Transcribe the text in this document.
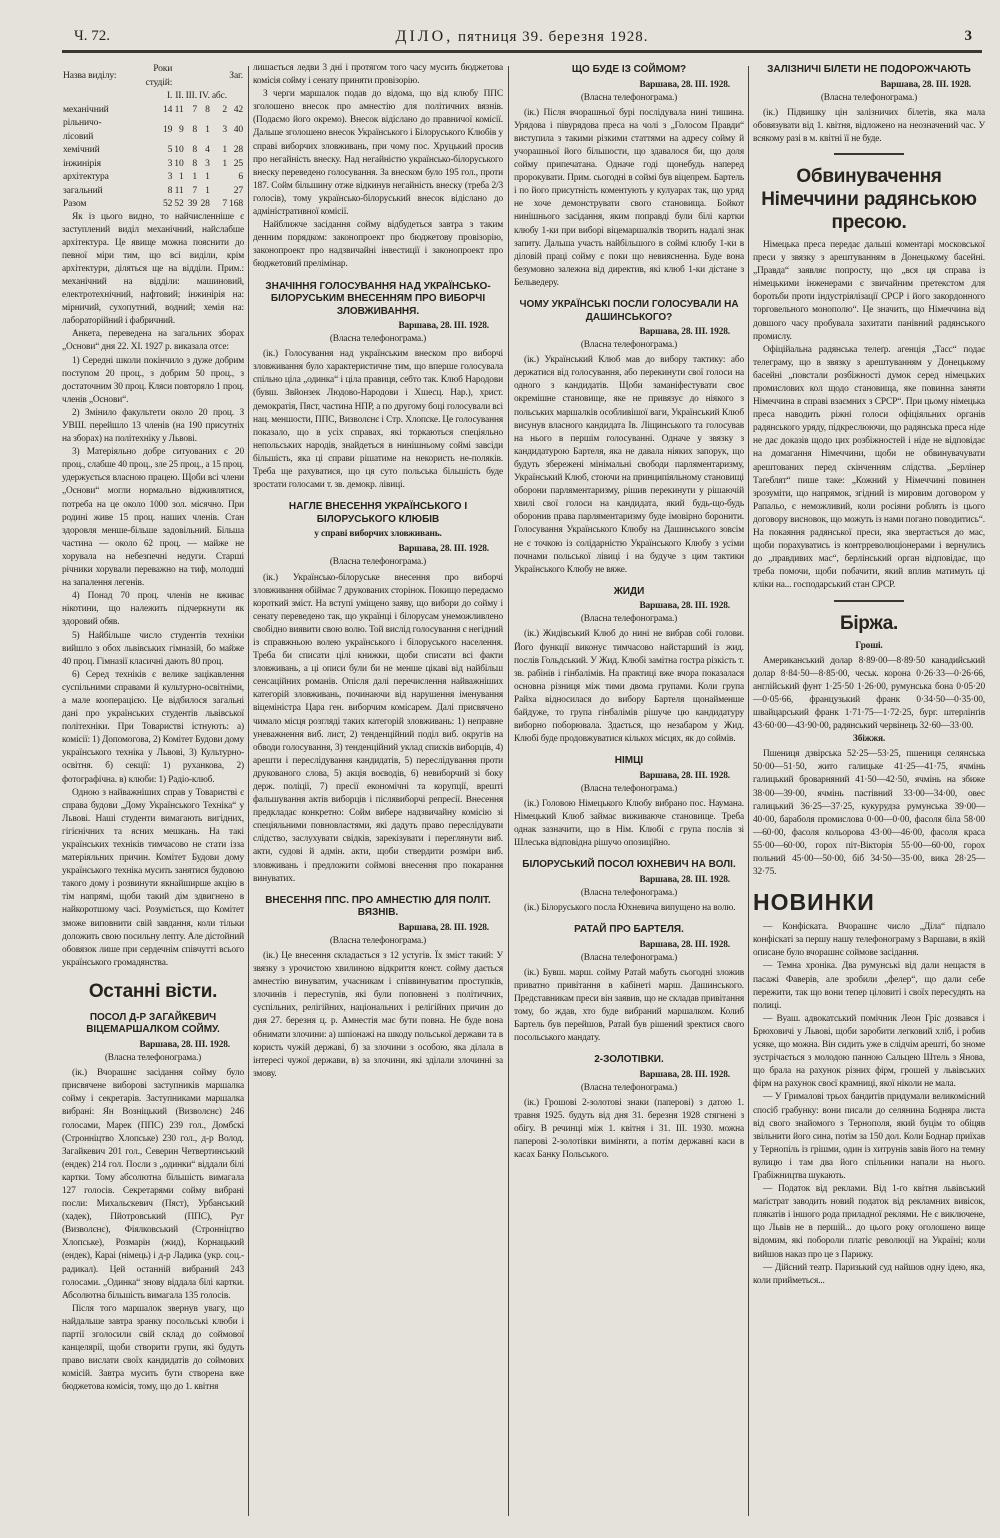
Ч. 72.	ДІЛО, пятниця 39. березня 1928.	3
Назва виділу:	Роки студій:					Заг.
	I.	II.	III.	IV.	абс.	
механічний	14	11	7	8	2	42
рільничо-лісовий	19	9	8	1	3	40
хемічний	5	10	8	4	1	28
інжинірія	3	10	8	3	1	25
архітектура	3	1	1	1		6
загальний	8	11	7	1		27
Разом	52	52	39	28	7	168

Як із цього видно, то найчисленніше є заступлений виділ механічний, найслабше архітектура. Це явище можна пояснити до певної міри тим, що всі виділи, крім архітектури, діляться ще на відділи. Прим.: механічний на відділи: машиновий, електротехнічний, нафтовий; інжинірія на: мірничий, сухопутний, водний; хемія на: лабораторійний і фабричний.

Анкета, переведена на загальних зборах „Основи“ дня 22. XI. 1927 р. виказала отсе:

1) Середні школи покінчило з дуже добрим поступом 20 проц., з добрим 50 проц., з достаточним 30 проц. Кляси повторяло 1 проц. членів „Основи“.

2) Змінило факультети около 20 проц. З УВШ. перейшло 13 членів (на 190 присутніх на зборах) на політехніку у Львові.

3) Матеріяльно добре ситуованих є 20 проц., слабше 40 проц., зле 25 проц., а 15 проц. удержується власною працею. Щоби всі члени „Основи“ могли нормально відживлятися, потреба на це около 1000 зол. місячно. При родині живе 15 проц. наших членів. Стан здоровля менше-більше задовільний. Більша частина — около 62 проц. — майже не хорувала на небезпечні недуги. Старші річники хорували переважно на тиф, молодші на запалення легенів.

4) Понад 70 проц. членів не вживає нікотини, що належить підчеркнути як здоровий обяв.

5) Найбільше число студентів техніки вийшло з обох львівських гімназій, бо майже 40 проц. Гімназії класичні дають 80 проц.

6) Серед техніків є велике зацікавлення суспільними справами й культурно-освітніми, а мале кооперацією. Це відбилося загальні дані про українських студентів львівської політехніки. При Товаристві істнують: а) комісії: 1) Допомогова, 2) Комітет Будови дому українського техніка у Львові, 3) Культурно-освітня. б) секції: 1) руханкова, 2) фотографічна. в) клюби: 1) Радіо-клюб.

Одною з найважніших справ у Товаристві є справа будови „Дому Українського Техніка“ у Львові. Наші студенти вимагають вигідних, гігієнічних та ясних мешкань. На такі українських техніків тимчасово не стати ізза матеріяльних причин. Комітет Будови дому українського техніка мусить занятися будовою такого дому і розвинути якнайширше акцію в тім напрямі, щоби такий дім здвигнено в найкоротшому часі. Розуміється, що Комітет зможе виповнити свій завдання, коли тільки доложить свою посильну лепту. Але дістойний обовязок лише при сердечнім співчутті всього українського громадянства.

Останні вісти.
ПОСОЛ Д-Р ЗАГАЙКЕВИЧ ВІЦЕМАРШАЛКОМ СОЙМУ.
Варшава, 28. III. 1928.
(Власна телефонограма.)

(ік.) Вчорашнє засідання сойму було присвячене виборові заступників маршалка сойму і секретарів. Заступниками маршалка вибрані: Ян Возніцький (Визволєнє) 246 голосами, Марек (ППС) 239 гол., Домбскі (Стронніцтво Хлопське) 230 гол., д-р Волод. Загайкевич 201 гол., Северин Четвертинський (ендек) 214 гол. Посли з „одинки“ віддали білі картки. Тому абсолютна більшість вимагала 127 голосів. Секретарями сойму вибрані посли: Михальскевич (Пяст), Урбанський (хадек), Пйотровський (ППС), Руг (Визволєнє), Фіялковський (Стронніцтво Хлопське), Розмарін (жид), Корнацький (ендек), Караі (німець) і д-р Ладика (укр. соц.-радикал). Цей останній вибраний 243 голосами. „Одинка“ знову віддала білі картки. Абсолютна більшість вимагала 135 голосів.

Після того маршалок звернув увагу, що найдальше завтра зранку посольські клюби і партії зголосили свій склад до соймової канцелярії, щоби створити групи, які будуть право вислати своїх кандидатів до соймових комісій. Завтра мусить бути створена вже бюджетова комісія, тому, що до 1. квітня

лишається ледви 3 дні і протягом того часу мусить бюджетова комісія сойму і сенату приняти провізорію.

З черги маршалок подав до відома, що від клюбу ППС зголошено внесок про амнестію для політичних вязнів. (Подаємо його окремо). Внесок відіслано до правничої комісії. Дальше зголошено внесок Українського і Білоруського Клюбів у справі виборчих зловживань, при чому пос. Хруцький просив про негайність внеску. Над негайністю українсько-білоруського внеску переведено голосування. За внеском було 195 гол., проти 187. Сойм більшину отже відкинув негайність внеску (треба 2/3 голосів), тому українсько-білоруський внесок відіслано до адміністративної комісії.

Найближче засідання сойму відбудеться завтра з таким денним порядком: законопроект про бюджетову провізорію, законопроект про надзвичайні інвестиції і законопроект про бюджетовий прелімінар.

ЗНАЧІННЯ ГОЛОСУВАННЯ НАД УКРАЇНСЬКО-БІЛОРУСЬКИМ ВНЕСЕННЯМ ПРО ВИБОРЧІ ЗЛОВЖИВАННЯ.
Варшава, 28. III. 1928.
(Власна телефонограма.)

(ік.) Голосування над українським внеском про виборчі зловживання було характеристичне тим, що вперше голосувала спільно ціла „одинка“ і ціла правиця, себто так. Клюб Народови (бувш. Звйонзек Людово-Народови і Хшесц. Нар.), христ. демократія, Пяст, частина НПР, а по другому боці голосували всі нац. меншости, ППС, Визволєнє і Стр. Хлопске. Це голосування показало, що в усіх справах, які торкаються спеціяльно непольських народів, знайдеться в нинішньому соймі завсіди більшість, яка ці справи рішатиме на некористь не-поляків. Треба ще рахуватися, що ця суто польська більшість буде зростати голосами т. зв. демокр. лівиці.

НАГЛЕ ВНЕСЕННЯ УКРАЇНСЬКОГО І БІЛОРУСЬКОГО КЛЮБІВ
у справі виборчих зловживань.
Варшава, 28. III. 1928.
(Власна телефонограма.)

(ік.) Українсько-білоруське внесення про виборчі зловживання обіймає 7 друкованих сторінок. Покищо передаємо короткий зміст. На вступі уміщено заяву, що вибори до сойму і сенату переведено так, що українці і білорусам унеможливлено свобідно виявити свою волю. Той вислід голосування є негідний із справжньою волею українського і білоруського населення. Треба би списати цілі книжки, щоби списати всі факти зловживань, а ці описи були би не менше цікаві від найбільш сенсаційних романів. Опісля далі перечислення найважніших категорій зловживань, починаючи від нарушення іменування віцеміністра Цара ген. виборчим комісарем. Далі присвячено чимало місця розгляді таких категорій зловживань: 1) неправне уневажнення виб. лист, 2) тенденційний поділ виб. округів на обводи голосування, 3) тенденційний уклад списків виборців, 4) арешти і переслідування кандидатів, 5) переслідування проти друкованого слова, 5) акція воєводів, 6) невиборчий зі боку держ. поліції, 7) пресії економічні та корупції, врешті фальшування актів виборців і післявиборчі репресії. Внесення предкладає конкретно: Сойм вибере надзвичайну комісію зі спеціяльними повновластями, які дадуть право переслідувати слідство, заслухувати свідків, зарекізувати і переглянути виб. акти, судові й адмін. акти, щоби ствердити розміри виб. зловживань і предложити соймові внесення про покарання винуватих.

ВНЕСЕННЯ ППС. ПРО АМНЕСТІЮ ДЛЯ ПОЛІТ. ВЯЗНІВ.
Варшава, 28. III. 1928.
(Власна телефонограма.)

(ік.) Це внесення складається з 12 устугів. Їх зміст такий: У звязку з урочистою хвилиною відкриття конст. сойму дається амнестію винуватим, учасникам і співвинуватим проступків, злочинів і переступів, які були поповнені з політичних, суспільних, релігійних, національних і релігійних причин до дня 27. березня ц. р. Амнестія має бути повна. Не буде вона обнимати злочини: а) шпіонажі на шкоду польської держави та в користь чужій державі, б) за злочини з особою, яка ділала в інтересі чужої держави, в) за злочини, які зділали злочинні за змову.

ЩО БУДЕ ІЗ СОЙМОМ?
Варшава, 28. III. 1928.
(Власна телефонограма.)

(ік.) Після вчорашньої бурі послідувала нині тишина. Урядова і півурядова преса на чолі з „Голосом Правди“ виступила з такими різкими статтями на адресу сойму й учорашньої його більшости, що здавалося би, що доля сойму припечатана. Одначе годі щонебудь наперед пророкувати. Прим. сьогодні в соймі був віцепрем. Бартель і по його присутність коментують у кулуарах так, що уряд не хоче демонструвати свого становища. Бойкот нинішнього засідання, яким поправді були білі картки клюбу 1-ки при виборі віцемаршалків творить надалі знак запиту. Дальша участь найбільшого в соймі клюбу 1-ки в діловій праці сойму є поки що невиясненна. Буде вона безумовно залежна від директив, які клюб 1-ки дістане з Бельведеру.

ЧОМУ УКРАЇНСЬКІ ПОСЛИ ГОЛОСУВАЛИ НА ДАШИНСЬКОГО?
Варшава, 28. III. 1928.
(Власна телефонограма.)

(ік.) Український Клюб мав до вибору тактику: або держатися від голосування, або перекинути свої голоси на одного з кандидатів. Щоби заманіфестувати своє окремішне становище, яке не привязує до ніякого з польських маршалків особливішої ваги, Український Клюб висунув власного кандидата Ів. Ліщинського та голосував на нього в першім голосуванні. Одначе у звязку з кандидатурою Бартеля, яка не давала ніяких запорук, що будуть збережені мінімальні свободи парляментаризму, Український Клюб, стоючи на принципіяльному становищі оборони парляментаризму, рішив перекинути у рішаючій хвилі свої голоси на кандидата, який будь-що-будь оборонив права парляментаризму буде імовірно боронити. Голосування Українського Клюбу на Дашинського зовсім не є точкою із солідарністю Українського Клюбу з усіми почнами польської лівиці і на будуче з цим тактики Українського Клюбу не вяже.

ЖИДИ
Варшава, 28. III. 1928.
(Власна телефонограма.)

(ік.) Жидівський Клюб до нині не вибрав собі голови. Його функції виконує тимчасово найстарший із жид. послів Гольдський. У Жид. Клюбі замітна гостра різкість т. зв. рабінів і гінбалімів. На практиці вже вчора показалася основна різниця між тими двома групами. Коли група Райха відносилася до вибору Бартеля щонайменше байдуже, то група гінбалімів рішуче цю кандидатуру виборно поборювала. Здається, що незабаром у Жид. Клюбі буде продовжуватися кількох місцях, як до соймів.

НІМЦІ
Варшава, 28. III. 1928.
(Власна телефонограма.)

(ік.) Головою Німецького Клюбу вибрано пос. Наумана. Німецький Клюб займає виживаюче становище. Треба однак зазначити, що в Нім. Клюбі є група послів зі Шлеська відповідна рішучо опозиційно.

БІЛОРУСЬКИЙ ПОСОЛ ЮХНЕВИЧ НА ВОЛІ.
Варшава, 28. III. 1928.
(Власна телефонограма.)

(ік.) Білоруського посла Юхневича випущено на волю.

РАТАЙ ПРО БАРТЕЛЯ.
Варшава, 28. III. 1928.
(Власна телефонограма.)

(ік.) Бувш. марш. сойму Ратай мабуть сьогодні зложив приватно привітання в кабінеті марш. Дашинського. Представникам преси він заявив, що не складав привітання тому, бо ждав, хто буде вибраний маршалком. Колиб Бартель був перейшов, Ратай був рішений зректися свого посольського мандату.

2-ЗОЛОТІВКИ.
Варшава, 28. III. 1928.
(Власна телефонограма.)

(ік.) Грошові 2-золотові знаки (паперові) з датою 1. травня 1925. будуть від дня 31. березня 1928 стягнені з обігу. В речинці між 1. квітня і 31. III. 1930. можна паперові 2-золотівки виміняти, а потім державні каси в касах Банку Польського.

ЗАЛІЗНИЧІ БІЛЕТИ НЕ ПОДОРОЖЧАЮТЬ
Варшава, 28. III. 1928.
(Власна телефонограма.)

(ік.) Підвишку цін залізничих білетів, яка мала обовязувати від 1. квітня, відложено на неозначений час. У всякому разі в м. квітні її не буде.

Обвинувачення Німеччини радянською пресою.

Німецька преса передає дальші коментарі московської преси у звязку з арештуванням в Донецькому басейні. „Правда“ заявляє попросту, що „вся ця справа із німецькими інженерами є звичайним претекстом для боротьби проти індустріялізації СРСР і його закордонного торговельного монополю“. Це значить, що Німеччина від довшого часу пробувала захитати панівний радянського промислу.

Офіційальна радянська телеґр. агенція „Тасс“ подає телеграму, що в звязку з арештуванням у Донецькому басейні „повстали розбіжності думок серед німецьких промислових кол щодо становища, яке повинна заняти Німеччина в справі взаємних з СРСР“. При цьому німецька преса наводить ріжні голоси офіціяльних органів радянського уряду, підкреслюючи, що радянська преса ніде не дає доказів щодо цих розбіжностей і ніде не відповідає на домагання Німеччини, щоби не обвинувачувати арештованих перед скінченням слідства. „Берлінер Таґеблят“ пише таке: „Кожний у Німеччині повинен зрозуміти, що напрямок, згідний із мировим договором у Рапальо, є неможливий, коли росіяни роблять із цього договору висновок, що можуть із нами погано поводитись“. На покаяння радянської преси, яка звертається до мас, щоби порахуватись із контрреволюціонерами і вернулись до „правдивих мас“, берлінський орган відповідає, що треба помочи, щоби побачити, який вплив матимуть ці кліки на... господарський стан СРСР.

Біржа.
Гроші.

Американський долар 8·89·00—8·89·50 канадийський долар 8·84·50—8·85·00, чеськ. корона 0·26·33—0·26·66, англійський фунт 1·25·50 1·26·00, румунська бона 0·05·20—0·05·66, французький франк 0·34·50—0·35·00, швайцарський франк 1·71·75—1·72·25, бург. штерлінґів 43·60·00—43·90·00, радянський червінець 32·60—33·00.

Збіжжя.

Пшениця дзвірська 52·25—53·25, пшениця селянська 50·00—51·50, жито галицьке 41·25—41·75, ячмінь галицький броварняний 41·50—42·50, ячмінь на збиже 38·00—39·00, ячмінь пастівний 33·00—34·00, овес галицький 36·25—37·25, кукурудза румунська 39·00—40·00, бараболя промислова 0·00—0·00, фасоля біла 58·00—60·00, фасоля кольорова 43·00—46·00, фасоля краса 55·00—60·00, горох піт-Вікторія 55·00—60·00, горох польний 45·00—50·00, біб 34·50—35·00, вика 28·25—32·75.

НОВИНКИ

— Конфіската. Вчорашнє число „Діла“ підпало конфіскаті за першу нашу телефонограму з Варшави, в якій описане було вчорашнє соймове засідання.

— Темна хроніка. Два румунські від дали нещастя в пасажі Фаверів, але зробили „фелер“, що дали себе пережити, так що вони тепер ціловиті і своїх пересудять на полиці.

— Вуаш. адвокатський помічник Леон Гріс дозвався і Брюховичі у Львові, щоби заробити легковий хліб, і робив усяке, що можна. Він сидить уже в слідчім арешті, бо зноме зустрічається з молодою панною Сальцею Штель з Янова, що брала на рахунок різних фірм, грошей у львівських фірм на рахунок своєї крамниці, якої ніколи не мала.

— У Грималові трьох бандитів придумали великомісний спосіб грабунку: вони писали до селянина Бодняра листа від свого знайомого з Тернополя, який буцім то обіцяв звільнити його сина, потім за 150 дол. Коли Боднар приїхав у Тернопіль із грішми, один із хитрунів завів його на темну вулицю і там два його спільники напали на нього. Грабіжництва шукають.

— Податок від реклами. Від 1-го квітня львівський маґістрат заводить новий податок від рекламних вивісок, плякатів і іншого рода приладної реклями. Не є виключене, що Львів не в першій... до цього року оголошено вище відомим, які побороли платіє революції на Україні; коли вийшов наказ про це з Парижу.

— Дійсний театр. Паризький суд найшов одну ідею, яка, коли прийметься...
